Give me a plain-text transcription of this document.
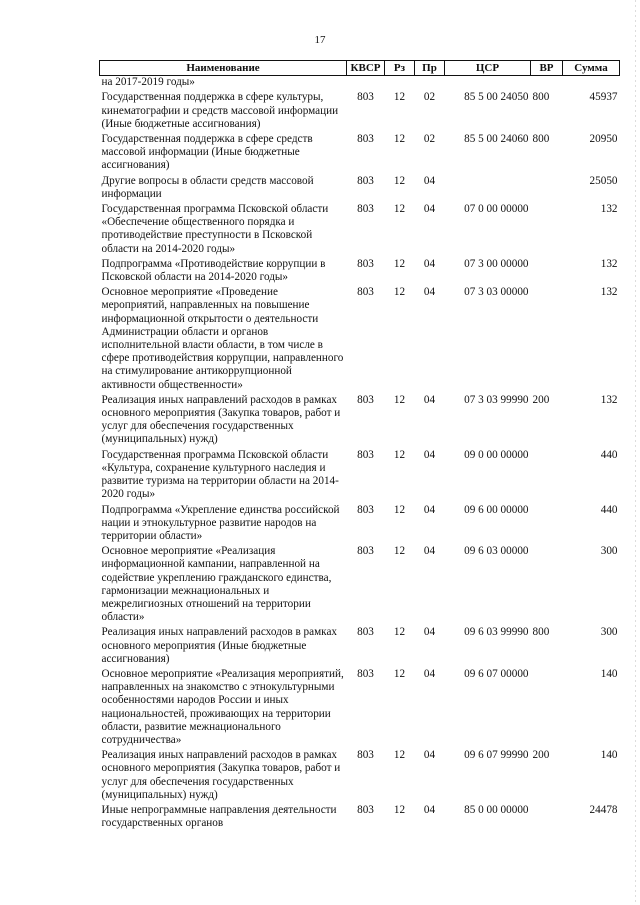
17
Наименование	КВСР	Рз	Пр	ЦСР	ВР	Сумма
на 2017-2019 годы»						
Государственная поддержка в сфере культуры, кинематографии и средств массовой информации (Иные бюджетные ассигнования)	803	12	02	85 5 00 24050	800	45937
Государственная поддержка в сфере средств массовой информации (Иные бюджетные ассигнования)	803	12	02	85 5 00 24060	800	20950
Другие вопросы в области средств массовой информации	803	12	04			25050
Государственная программа Псковской области «Обеспечение общественного порядка и противодействие преступности в Псковской области на 2014-2020 годы»	803	12	04	07 0 00 00000		132
Подпрограмма «Противодействие коррупции в Псковской области на 2014-2020 годы»	803	12	04	07 3 00 00000		132
Основное мероприятие «Проведение мероприятий, направленных на повышение информационной открытости о деятельности Администрации области и органов исполнительной власти области, в том числе в сфере противодействия коррупции, направленного на стимулирование антикоррупционной активности общественности»	803	12	04	07 3 03 00000		132
Реализация иных направлений расходов в рамках основного мероприятия (Закупка товаров, работ и услуг для обеспечения государственных (муниципальных) нужд)	803	12	04	07 3 03 99990	200	132
Государственная программа Псковской области «Культура, сохранение культурного наследия и развитие туризма на территории области на 2014-2020 годы»	803	12	04	09 0 00 00000		440
Подпрограмма «Укрепление единства российской нации и этнокультурное развитие народов на территории области»	803	12	04	09 6 00 00000		440
Основное мероприятие «Реализация информационной кампании, направленной на содействие укреплению гражданского единства, гармонизации межнациональных и межрелигиозных отношений на территории области»	803	12	04	09 6 03 00000		300
Реализация иных направлений расходов в рамках основного мероприятия (Иные бюджетные ассигнования)	803	12	04	09 6 03 99990	800	300
Основное мероприятие «Реализация мероприятий, направленных на знакомство с этнокультурными особенностями народов России и иных национальностей, проживающих на территории области, развитие межнационального сотрудничества»	803	12	04	09 6 07 00000		140
Реализация иных направлений расходов в рамках основного мероприятия (Закупка товаров, работ и услуг для обеспечения государственных (муниципальных) нужд)	803	12	04	09 6 07 99990	200	140
Иные непрограммные направления деятельности государственных органов	803	12	04	85 0 00 00000		24478
